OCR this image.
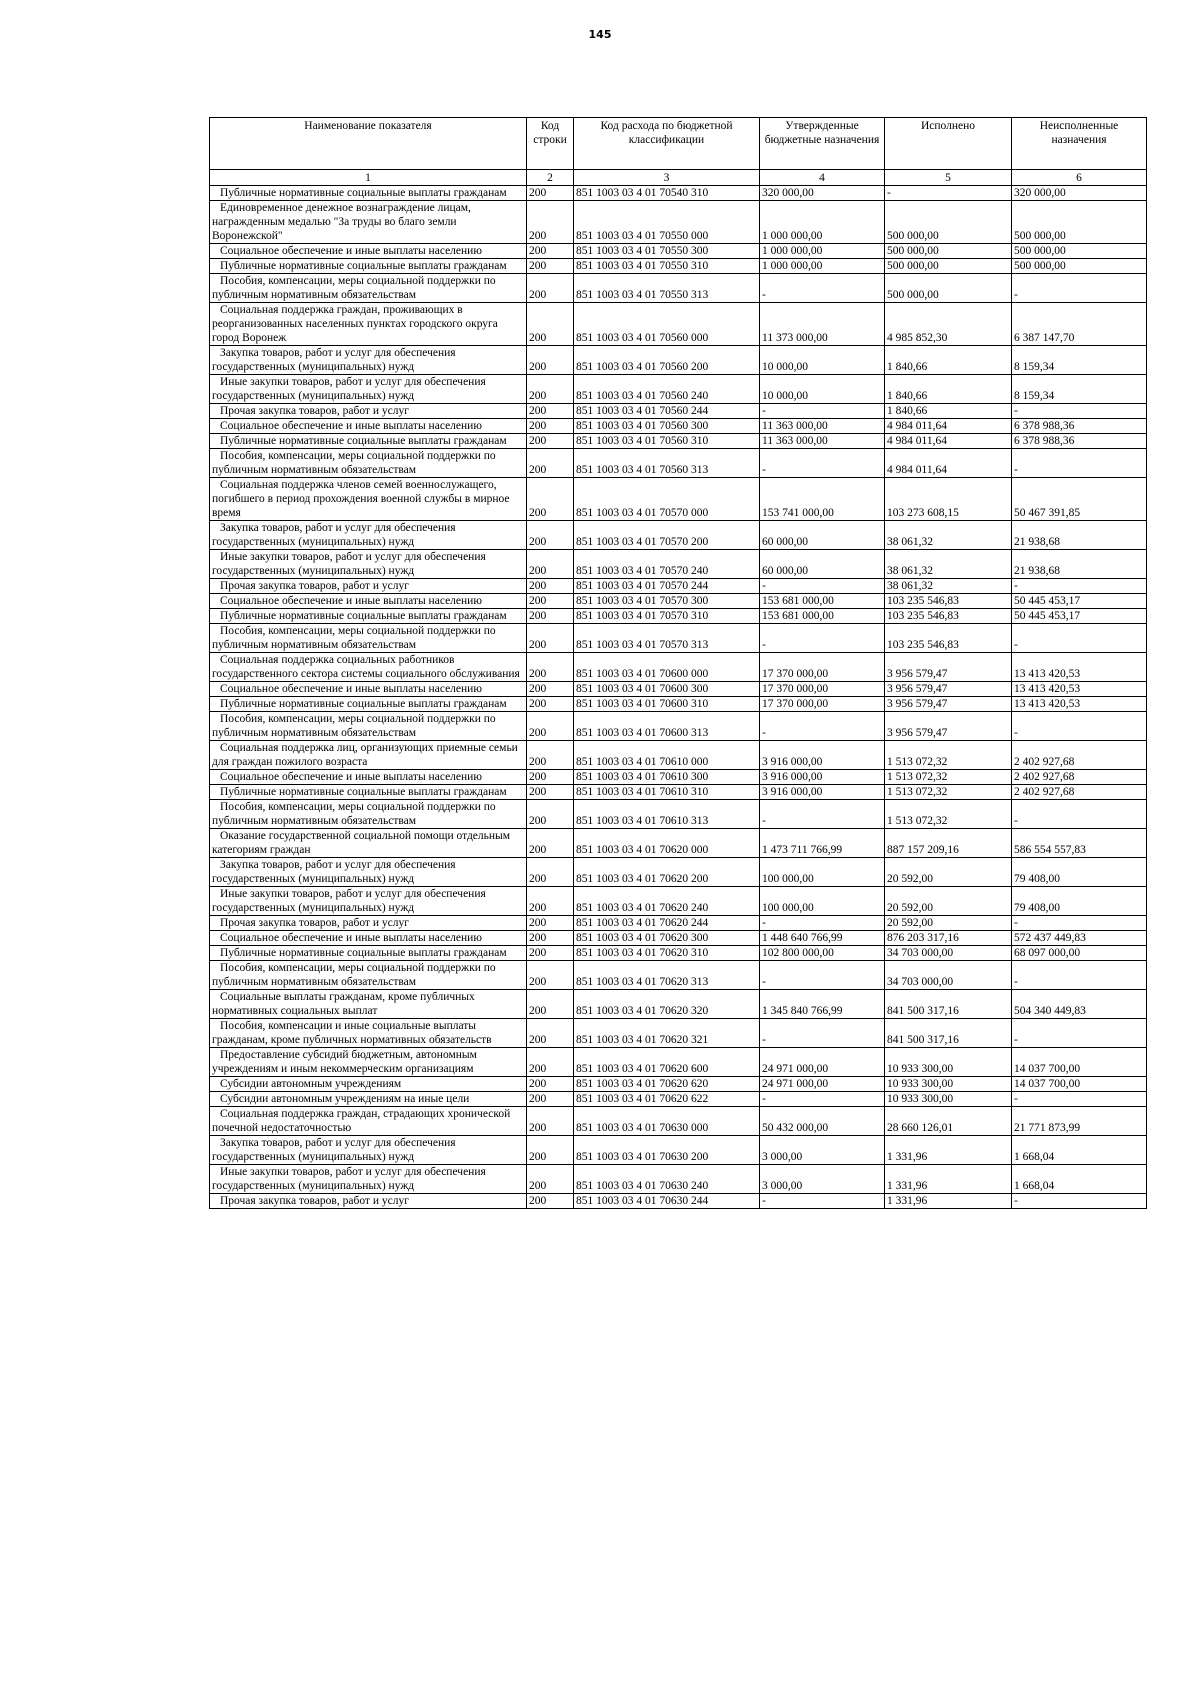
145
Наименование показателя	Код строки	Код расхода по бюджетной классификации	Утвержденные бюджетные назначения	Исполнено	Неисполненные назначения
1	2	3	4	5	6
Публичные нормативные социальные выплаты гражданам	200	851 1003 03 4 01 70540 310	320 000,00	-	320 000,00
Единовременное денежное вознаграждение лицам, награжденным медалью "За труды во благо земли Воронежской"	200	851 1003 03 4 01 70550 000	1 000 000,00	500 000,00	500 000,00
Социальное обеспечение и иные выплаты населению	200	851 1003 03 4 01 70550 300	1 000 000,00	500 000,00	500 000,00
Публичные нормативные социальные выплаты гражданам	200	851 1003 03 4 01 70550 310	1 000 000,00	500 000,00	500 000,00
Пособия, компенсации, меры социальной поддержки по публичным нормативным обязательствам	200	851 1003 03 4 01 70550 313	-	500 000,00	-
Социальная поддержка граждан, проживающих в реорганизованных населенных пунктах городского округа город Воронеж	200	851 1003 03 4 01 70560 000	11 373 000,00	4 985 852,30	6 387 147,70
Закупка товаров, работ и услуг для обеспечения государственных (муниципальных) нужд	200	851 1003 03 4 01 70560 200	10 000,00	1 840,66	8 159,34
Иные закупки товаров, работ и услуг для обеспечения государственных (муниципальных) нужд	200	851 1003 03 4 01 70560 240	10 000,00	1 840,66	8 159,34
Прочая закупка товаров, работ и услуг	200	851 1003 03 4 01 70560 244	-	1 840,66	-
Социальное обеспечение и иные выплаты населению	200	851 1003 03 4 01 70560 300	11 363 000,00	4 984 011,64	6 378 988,36
Публичные нормативные социальные выплаты гражданам	200	851 1003 03 4 01 70560 310	11 363 000,00	4 984 011,64	6 378 988,36
Пособия, компенсации, меры социальной поддержки по публичным нормативным обязательствам	200	851 1003 03 4 01 70560 313	-	4 984 011,64	-
Социальная поддержка членов семей военнослужащего, погибшего в период прохождения военной службы в мирное время	200	851 1003 03 4 01 70570 000	153 741 000,00	103 273 608,15	50 467 391,85
Закупка товаров, работ и услуг для обеспечения государственных (муниципальных) нужд	200	851 1003 03 4 01 70570 200	60 000,00	38 061,32	21 938,68
Иные закупки товаров, работ и услуг для обеспечения государственных (муниципальных) нужд	200	851 1003 03 4 01 70570 240	60 000,00	38 061,32	21 938,68
Прочая закупка товаров, работ и услуг	200	851 1003 03 4 01 70570 244	-	38 061,32	-
Социальное обеспечение и иные выплаты населению	200	851 1003 03 4 01 70570 300	153 681 000,00	103 235 546,83	50 445 453,17
Публичные нормативные социальные выплаты гражданам	200	851 1003 03 4 01 70570 310	153 681 000,00	103 235 546,83	50 445 453,17
Пособия, компенсации, меры социальной поддержки по публичным нормативным обязательствам	200	851 1003 03 4 01 70570 313	-	103 235 546,83	-
Социальная поддержка социальных работников государственного сектора системы социального обслуживания	200	851 1003 03 4 01 70600 000	17 370 000,00	3 956 579,47	13 413 420,53
Социальное обеспечение и иные выплаты населению	200	851 1003 03 4 01 70600 300	17 370 000,00	3 956 579,47	13 413 420,53
Публичные нормативные социальные выплаты гражданам	200	851 1003 03 4 01 70600 310	17 370 000,00	3 956 579,47	13 413 420,53
Пособия, компенсации, меры социальной поддержки по публичным нормативным обязательствам	200	851 1003 03 4 01 70600 313	-	3 956 579,47	-
Социальная поддержка лиц, организующих приемные семьи для граждан пожилого возраста	200	851 1003 03 4 01 70610 000	3 916 000,00	1 513 072,32	2 402 927,68
Социальное обеспечение и иные выплаты населению	200	851 1003 03 4 01 70610 300	3 916 000,00	1 513 072,32	2 402 927,68
Публичные нормативные социальные выплаты гражданам	200	851 1003 03 4 01 70610 310	3 916 000,00	1 513 072,32	2 402 927,68
Пособия, компенсации, меры социальной поддержки по публичным нормативным обязательствам	200	851 1003 03 4 01 70610 313	-	1 513 072,32	-
Оказание государственной социальной помощи отдельным категориям граждан	200	851 1003 03 4 01 70620 000	1 473 711 766,99	887 157 209,16	586 554 557,83
Закупка товаров, работ и услуг для обеспечения государственных (муниципальных) нужд	200	851 1003 03 4 01 70620 200	100 000,00	20 592,00	79 408,00
Иные закупки товаров, работ и услуг для обеспечения государственных (муниципальных) нужд	200	851 1003 03 4 01 70620 240	100 000,00	20 592,00	79 408,00
Прочая закупка товаров, работ и услуг	200	851 1003 03 4 01 70620 244	-	20 592,00	-
Социальное обеспечение и иные выплаты населению	200	851 1003 03 4 01 70620 300	1 448 640 766,99	876 203 317,16	572 437 449,83
Публичные нормативные социальные выплаты гражданам	200	851 1003 03 4 01 70620 310	102 800 000,00	34 703 000,00	68 097 000,00
Пособия, компенсации, меры социальной поддержки по публичным нормативным обязательствам	200	851 1003 03 4 01 70620 313	-	34 703 000,00	-
Социальные выплаты гражданам, кроме публичных нормативных социальных выплат	200	851 1003 03 4 01 70620 320	1 345 840 766,99	841 500 317,16	504 340 449,83
Пособия, компенсации и иные социальные выплаты гражданам, кроме публичных нормативных обязательств	200	851 1003 03 4 01 70620 321	-	841 500 317,16	-
Предоставление субсидий бюджетным, автономным учреждениям и иным некоммерческим организациям	200	851 1003 03 4 01 70620 600	24 971 000,00	10 933 300,00	14 037 700,00
Субсидии автономным учреждениям	200	851 1003 03 4 01 70620 620	24 971 000,00	10 933 300,00	14 037 700,00
Субсидии автономным учреждениям на иные цели	200	851 1003 03 4 01 70620 622	-	10 933 300,00	-
Социальная поддержка граждан, страдающих хронической почечной недостаточностью	200	851 1003 03 4 01 70630 000	50 432 000,00	28 660 126,01	21 771 873,99
Закупка товаров, работ и услуг для обеспечения государственных (муниципальных) нужд	200	851 1003 03 4 01 70630 200	3 000,00	1 331,96	1 668,04
Иные закупки товаров, работ и услуг для обеспечения государственных (муниципальных) нужд	200	851 1003 03 4 01 70630 240	3 000,00	1 331,96	1 668,04
Прочая закупка товаров, работ и услуг	200	851 1003 03 4 01 70630 244	-	1 331,96	-
